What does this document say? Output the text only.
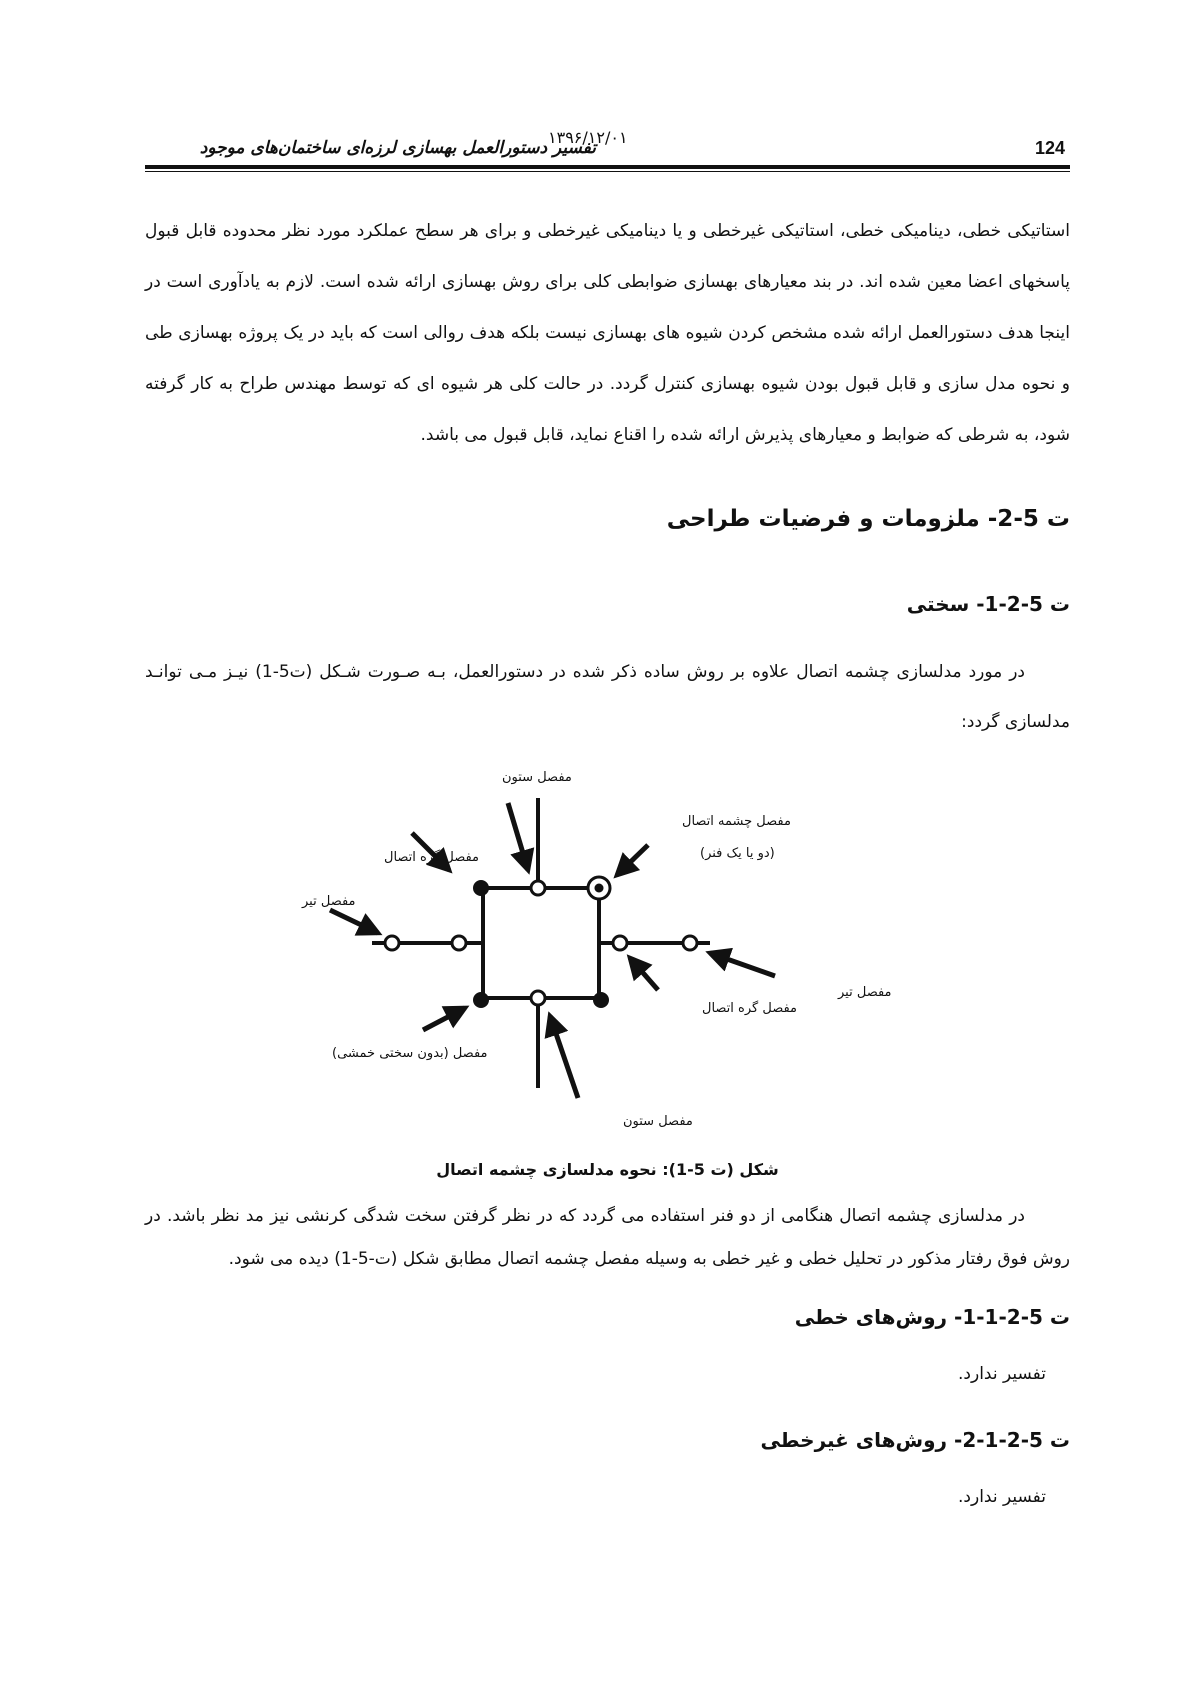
تفسیر دستورالعمل بهسازی لرزه‌ای ساختمان‌های موجود
۱۳۹۶/۱۲/۰۱
124
استاتیکی خطی، دینامیکی خطی، استاتیکی غیرخطی و یا دینامیکی غیرخطی و برای هر سطح عملکرد مورد نظر محدوده قابل قبول پاسخهای اعضا معین شده اند. در بند معیارهای بهسازی ضوابطی کلی برای روش بهسازی ارائه شده است. لازم به یادآوری است در اینجا هدف دستورالعمل ارائه شده مشخص کردن شیوه های بهسازی نیست بلکه هدف روالی است که باید در یک پروژه بهسازی طی و نحوه مدل سازی و قابل قبول بودن شیوه بهسازی کنترل گردد. در حالت کلی هر شیوه ای که توسط مهندس طراح به کار گرفته شود، به شرطی که ضوابط و معیارهای پذیرش ارائه شده را اقناع نماید، قابل قبول می باشد.
ت 5-2- ملزومات و فرضیات طراحی
ت 5-2-1- سختی
در مورد مدلسازی چشمه اتصال علاوه بر روش ساده ذکر شده در دستورالعمل، بـه صـورت شـکل (ت5-1) نیـز مـی توانـد مدلسازی گردد:
مفصل ستون
مفصل چشمه اتصال
(دو یا یک فنر)
مفصل گره اتصال
مفصل تیر
مفصل گره اتصال
مفصل تیر
مفصل (بدون سختی خمشی)
مفصل ستون
شکل (ت 5-1): نحوه مدلسازی چشمه اتصال
در مدلسازی چشمه اتصال هنگامی از دو فنر استفاده می گردد که در نظر گرفتن سخت شدگی کرنشی نیز مد نظر باشد. در روش فوق رفتار مذکور در تحلیل خطی و غیر خطی به وسیله مفصل چشمه اتصال مطابق شکل (ت-5-1) دیده می شود.
ت 5-2-1-1- روش‌های خطی
تفسیر ندارد.
ت 5-2-1-2- روش‌های غیرخطی
تفسیر ندارد.
